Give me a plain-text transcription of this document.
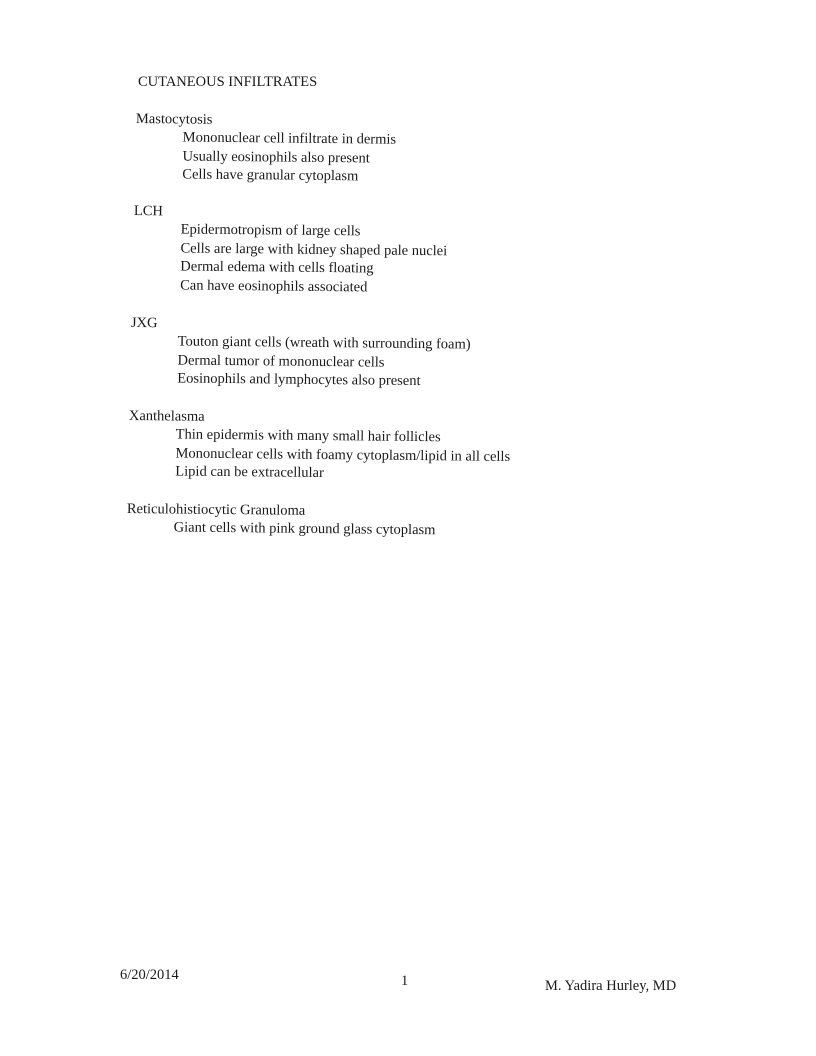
CUTANEOUS INFILTRATES
Mastocytosis
Mononuclear cell infiltrate in dermis
Usually eosinophils also present
Cells have granular cytoplasm
LCH
Epidermotropism of large cells
Cells are large with kidney shaped pale nuclei
Dermal edema with cells floating
Can have eosinophils associated
JXG
Touton giant cells (wreath with surrounding foam)
Dermal tumor of mononuclear cells
Eosinophils and lymphocytes also present
Xanthelasma
Thin epidermis with many small hair follicles
Mononuclear cells with foamy cytoplasm/lipid in all cells
Lipid can be extracellular
Reticulohistiocytic Granuloma
Giant cells with pink ground glass cytoplasm
6/20/2014	1	M. Yadira Hurley, MD
